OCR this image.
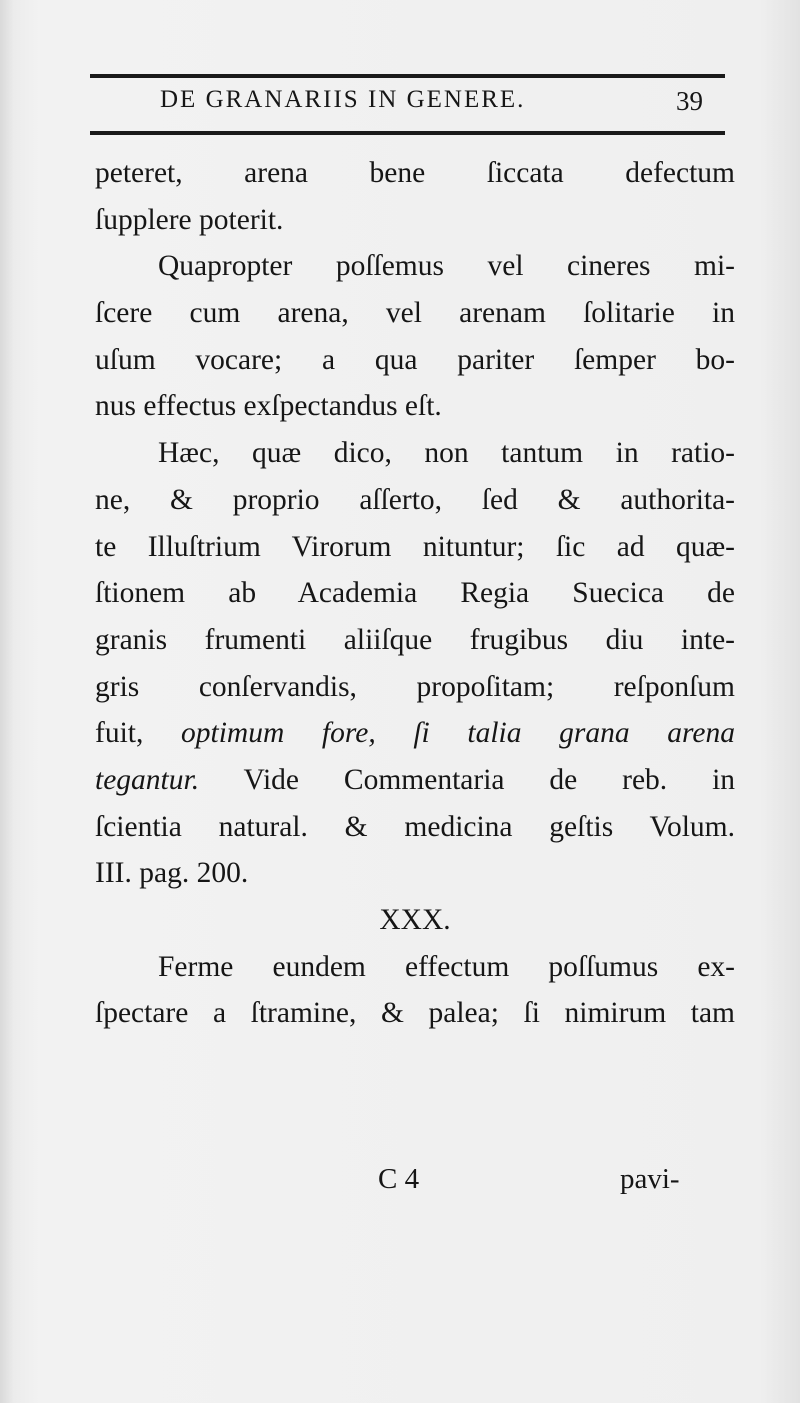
DE GRANARIIS IN GENERE.	39
peteret, arena bene ſiccata defectum
ſupplere poterit.
Quapropter poſſemus vel cineres mi-
ſcere cum arena, vel arenam ſolitarie in
uſum vocare; a qua pariter ſemper bo-
nus effectus exſpectandus eſt.
Hæc, quæ dico, non tantum in ratio-
ne, & proprio aſſerto, ſed & authorita-
te Illuſtrium Virorum nituntur; ſic ad quæ-
ſtionem ab Academia Regia Suecica de
granis frumenti aliiſque frugibus diu inte-
gris conſervandis, propoſitam; reſponſum
fuit, optimum fore, ſi talia grana arena
tegantur. Vide Commentaria de reb. in
ſcientia natural. & medicina geſtis Volum.
III. pag. 200.
XXX.
Ferme eundem effectum poſſumus ex-
ſpectare a ſtramine, & palea; ſi nimirum tam
C 4	pavi-
